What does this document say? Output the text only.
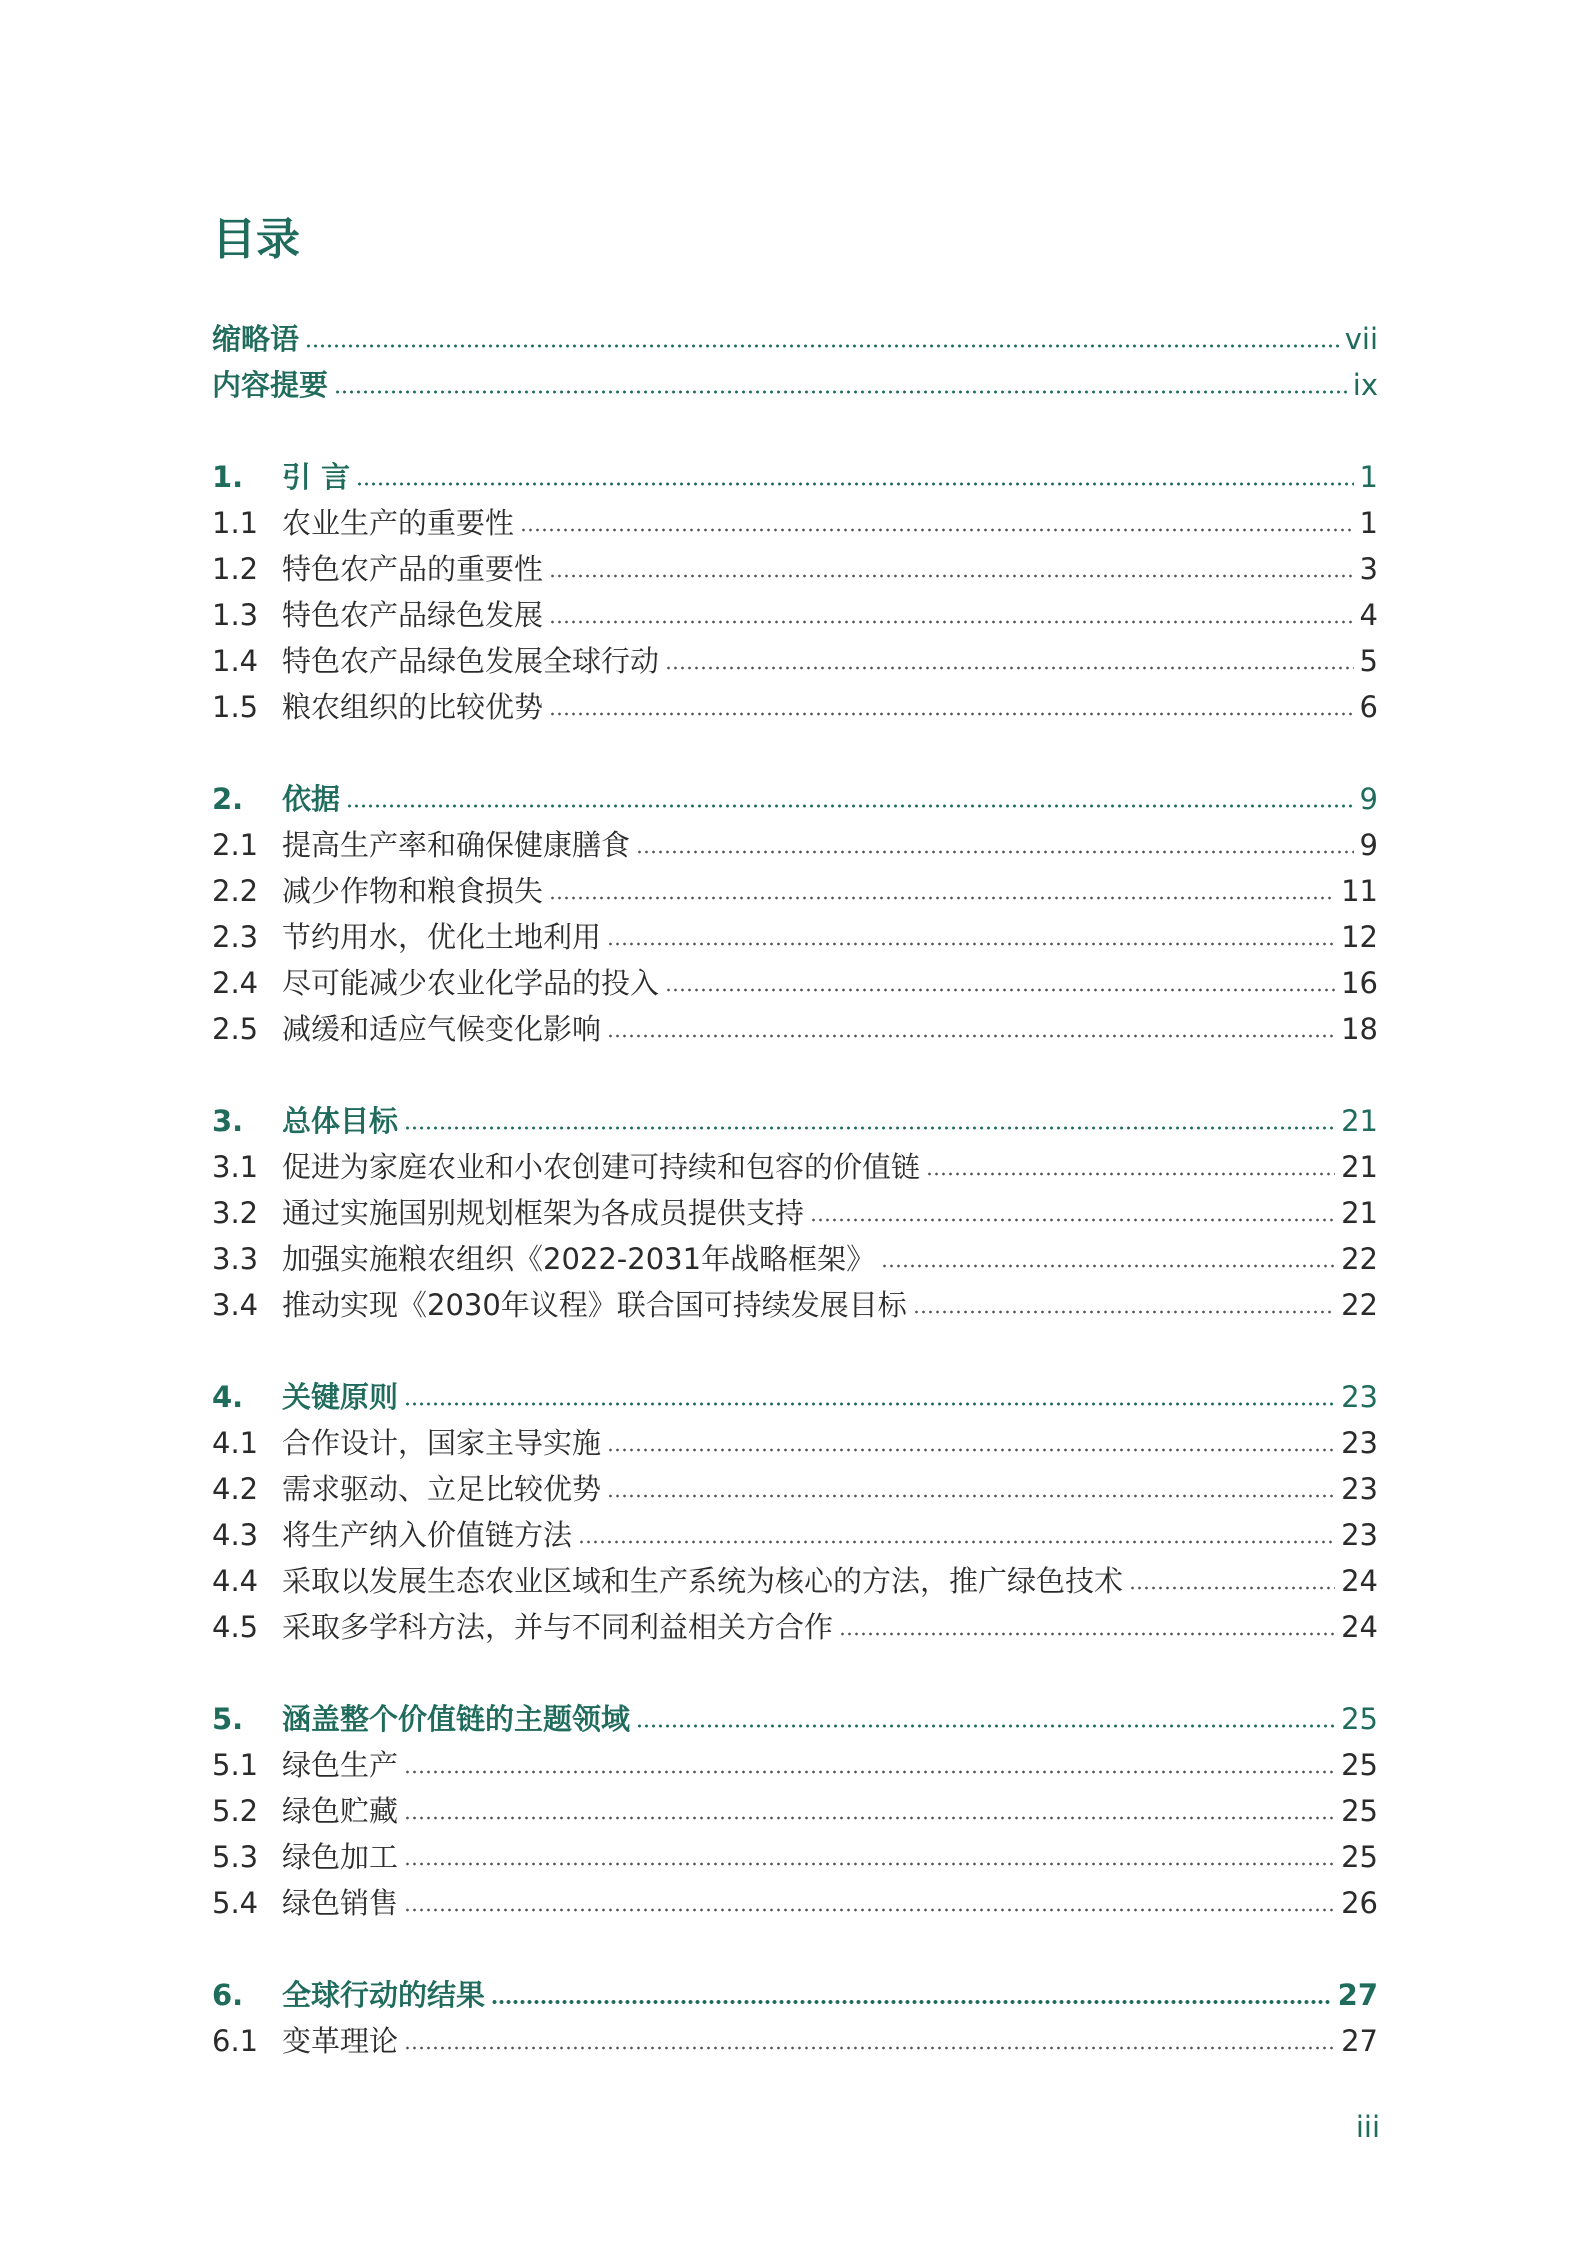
目录
缩略语	vii
内容提要	ix
1.	引 言	1
1.1 农业生产的重要性	1
1.2 特色农产品的重要性	3
1.3 特色农产品绿色发展	4
1.4 特色农产品绿色发展全球行动	5
1.5 粮农组织的比较优势	6
2.	依据	9
2.1 提高生产率和确保健康膳食	9
2.2 减少作物和粮食损失	11
2.3 节约用水，优化土地利用	12
2.4 尽可能减少农业化学品的投入	16
2.5 减缓和适应气候变化影响	18
3.	总体目标	21
3.1 促进为家庭农业和小农创建可持续和包容的价值链	21
3.2 通过实施国别规划框架为各成员提供支持	21
3.3 加强实施粮农组织《2022-2031年战略框架》	22
3.4 推动实现《2030年议程》联合国可持续发展目标	22
4.	关键原则	23
4.1 合作设计，国家主导实施	23
4.2 需求驱动、立足比较优势	23
4.3 将生产纳入价值链方法	23
4.4 采取以发展生态农业区域和生产系统为核心的方法，推广绿色技术	24
4.5 采取多学科方法，并与不同利益相关方合作	24
5.	涵盖整个价值链的主题领域	25
5.1 绿色生产	25
5.2 绿色贮藏	25
5.3 绿色加工	25
5.4 绿色销售	26
6.	全球行动的结果	27
6.1 变革理论	27
iii
